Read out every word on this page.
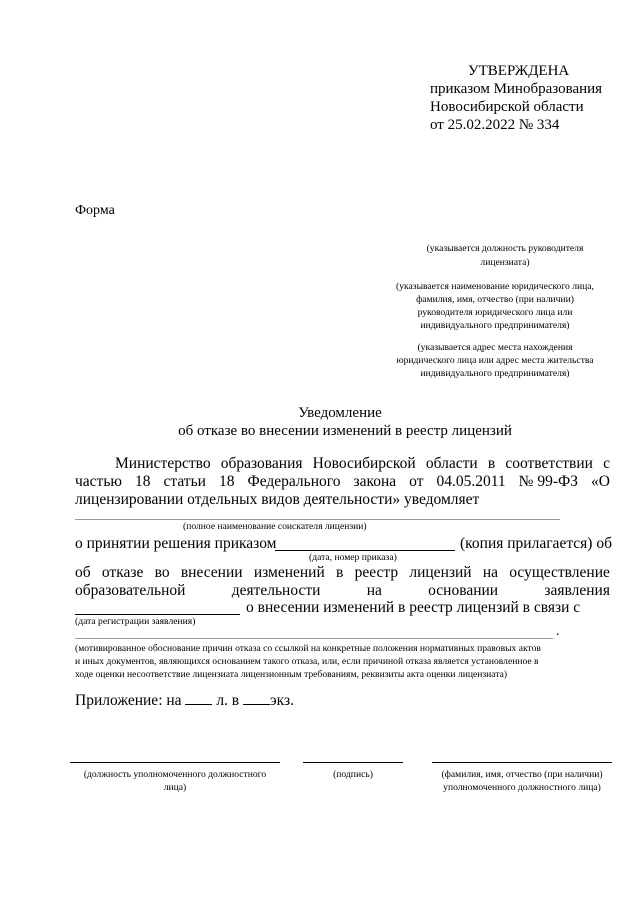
УТВЕРЖДЕНА
приказом Минобразования
Новосибирской области
от 25.02.2022 № 334
Форма
(указывается должность руководителя
лицензиата)
(указывается наименование юридического лица,
фамилия, имя, отчество (при наличии)
руководителя юридического лица или
индивидуального предпринимателя)
(указывается адрес места нахождения
юридического лица или адрес места жительства
индивидуального предпринимателя)
Уведомление
об отказе во внесении изменений в реестр лицензий
Министерство образования Новосибирской области в соответствии с
частью 18 статьи 18 Федерального закона от 04.05.2011 № 99-ФЗ «О
лицензировании отдельных видов деятельности» уведомляет
(полное наименование соискателя лицензии)
о принятии решения приказом	(копия прилагается) об
(дата, номер приказа)
об отказе во внесении изменений в реестр лицензий на осуществление
образовательной	деятельности	на	основании	заявления
о внесении изменений в реестр лицензий в связи с
(дата регистрации заявления)
.
(мотивированное обоснование причин отказа со ссылкой на конкретные положения нормативных правовых актов
и иных документов, являющихся основанием такого отказа, или, если причиной отказа является установленное в
ходе оценки несоответствие лицензиата лицензионным требованиям, реквизиты акта оценки лицензиата)
Приложение: на л. в экз.
(должность уполномоченного должностного
лица)
(подпись)	(фамилия, имя, отчество (при наличии)
уполномоченного должностного лица)
